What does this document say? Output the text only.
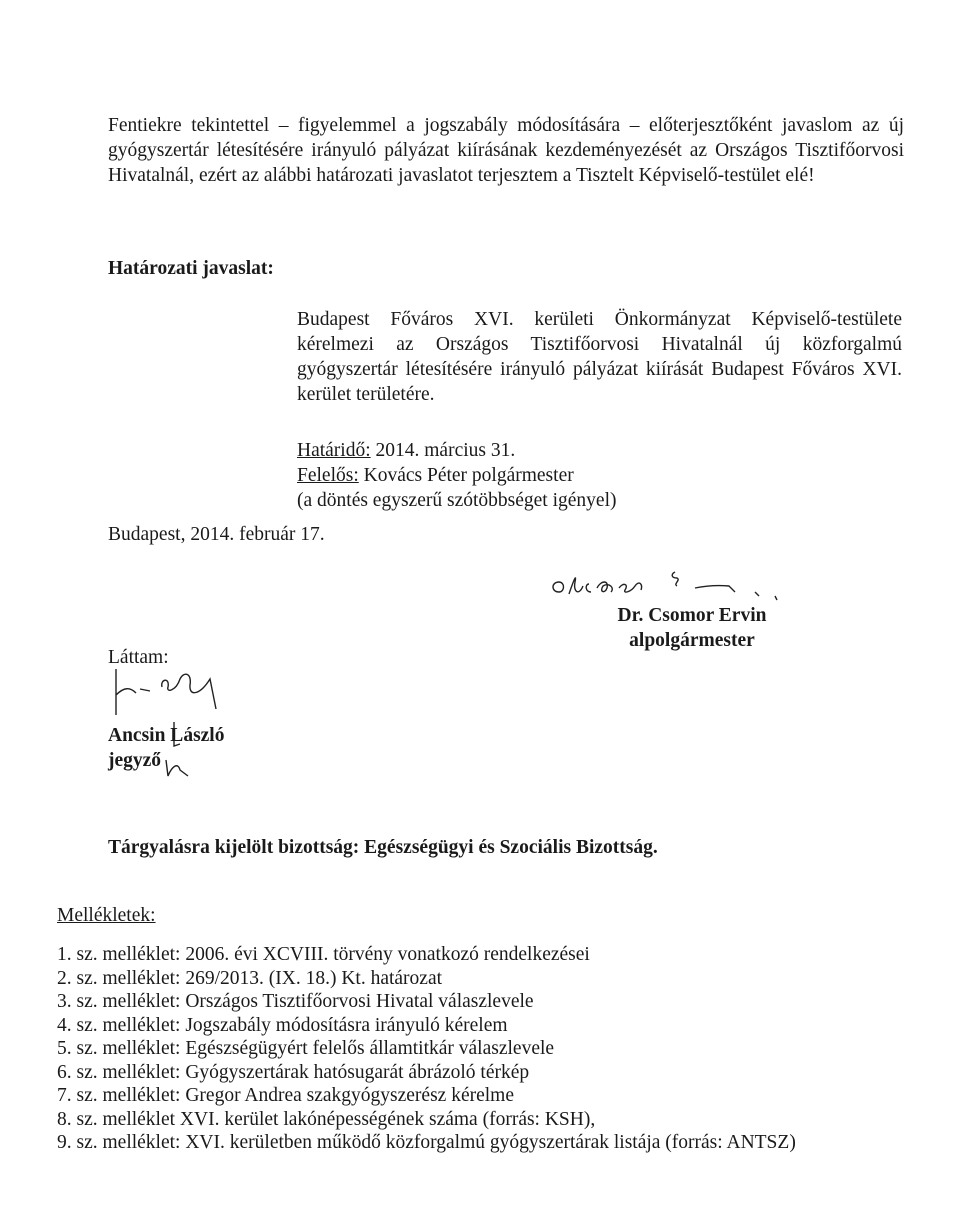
Fentiekre tekintettel – figyelemmel a jogszabály módosítására – előterjesztőként javaslom az új gyógyszertár létesítésére irányuló pályázat kiírásának kezdeményezését az Országos Tisztifőorvosi Hivatalnál, ezért az alábbi határozati javaslatot terjesztem a Tisztelt Képviselő-testület elé!

Határozati javaslat:

Budapest Főváros XVI. kerületi Önkormányzat Képviselő-testülete kérelmezi az Országos Tisztifőorvosi Hivatalnál új közforgalmú gyógyszertár létesítésére irányuló pályázat kiírását Budapest Főváros XVI. kerület területére.

Határidő: 2014. március 31.
Felelős: Kovács Péter polgármester
(a döntés egyszerű szótöbbséget igényel)
Budapest, 2014. február 17.
Dr. Csomor Ervin
alpolgármester
Láttam:
Ancsin László
jegyző
Tárgyalásra kijelölt bizottság: Egészségügyi és Szociális Bizottság.
Mellékletek:
1. sz. melléklet: 2006. évi XCVIII. törvény vonatkozó rendelkezései
2. sz. melléklet: 269/2013. (IX. 18.) Kt. határozat
3. sz. melléklet: Országos Tisztifőorvosi Hivatal válaszlevele
4. sz. melléklet: Jogszabály módosításra irányuló kérelem
5. sz. melléklet: Egészségügyért felelős államtitkár válaszlevele
6. sz. melléklet: Gyógyszertárak hatósugarát ábrázoló térkép
7. sz. melléklet: Gregor Andrea szakgyógyszerész kérelme
8. sz. melléklet XVI. kerület lakónépességének száma (forrás: KSH),
9. sz. melléklet: XVI. kerületben működő közforgalmú gyógyszertárak listája (forrás: ANTSZ)
